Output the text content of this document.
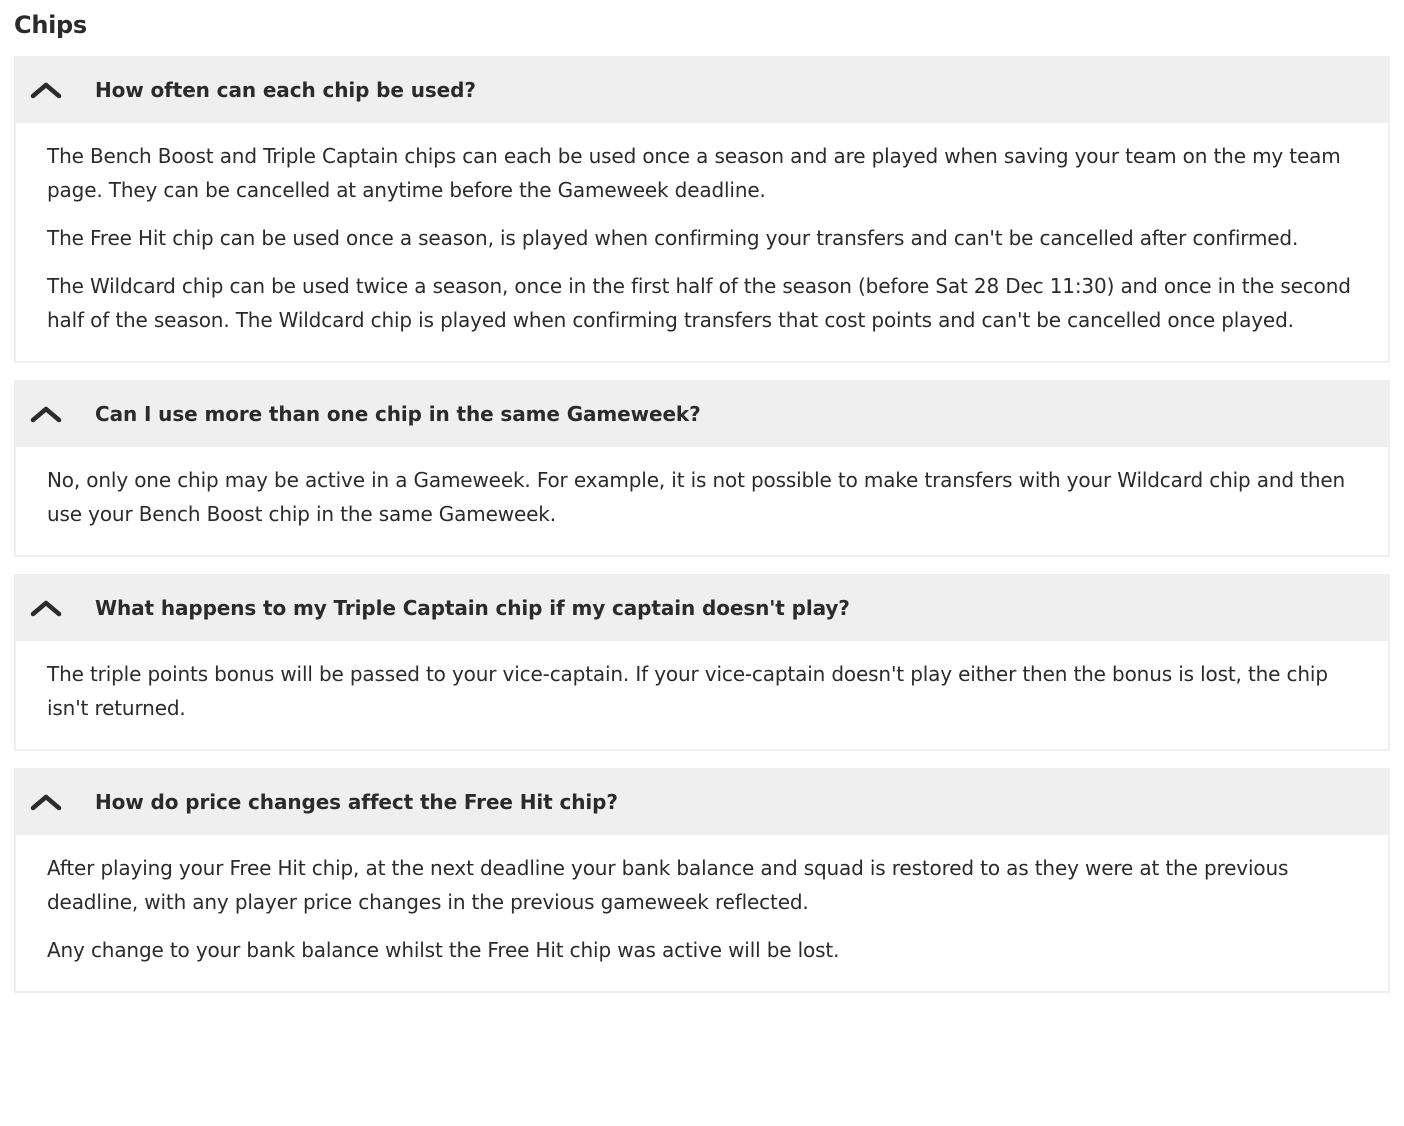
Chips
How often can each chip be used?

The Bench Boost and Triple Captain chips can each be used once a season and are played when saving your team on the my team page. They can be cancelled at anytime before the Gameweek deadline.

The Free Hit chip can be used once a season, is played when confirming your transfers and can't be cancelled after confirmed.

The Wildcard chip can be used twice a season, once in the first half of the season (before Sat 28 Dec 11:30) and once in the second half of the season. The Wildcard chip is played when confirming transfers that cost points and can't be cancelled once played.

Can I use more than one chip in the same Gameweek?

No, only one chip may be active in a Gameweek. For example, it is not possible to make transfers with your Wildcard chip and then use your Bench Boost chip in the same Gameweek.

What happens to my Triple Captain chip if my captain doesn't play?

The triple points bonus will be passed to your vice-captain. If your vice-captain doesn't play either then the bonus is lost, the chip isn't returned.

How do price changes affect the Free Hit chip?

After playing your Free Hit chip, at the next deadline your bank balance and squad is restored to as they were at the previous deadline, with any player price changes in the previous gameweek reflected.

Any change to your bank balance whilst the Free Hit chip was active will be lost.
